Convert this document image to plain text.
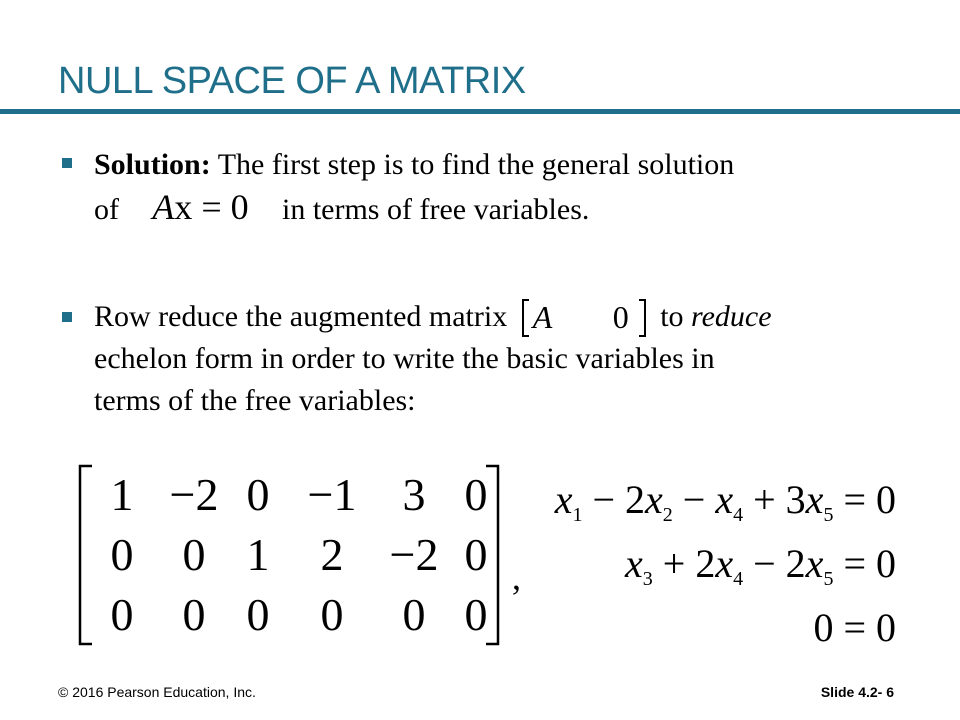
NULL SPACE OF A MATRIX
Solution: The first step is to find the general solution
of Ax = 0 in terms of free variables.
Row reduce the augmented matrix A 0 to reduce
echelon form in order to write the basic variables in
terms of the free variables:
1 −2 0 −1	3 0
0	0 1	2	−2 0
0	0 0	0	0 0
,
$x_1 - 2x_2 - x_4 + 3x_5 = 0$
$x_3 + 2x_4 - 2x_5 = 0$
0 = 0
© 2016 Pearson Education, Inc.	Slide 4.2- 6
